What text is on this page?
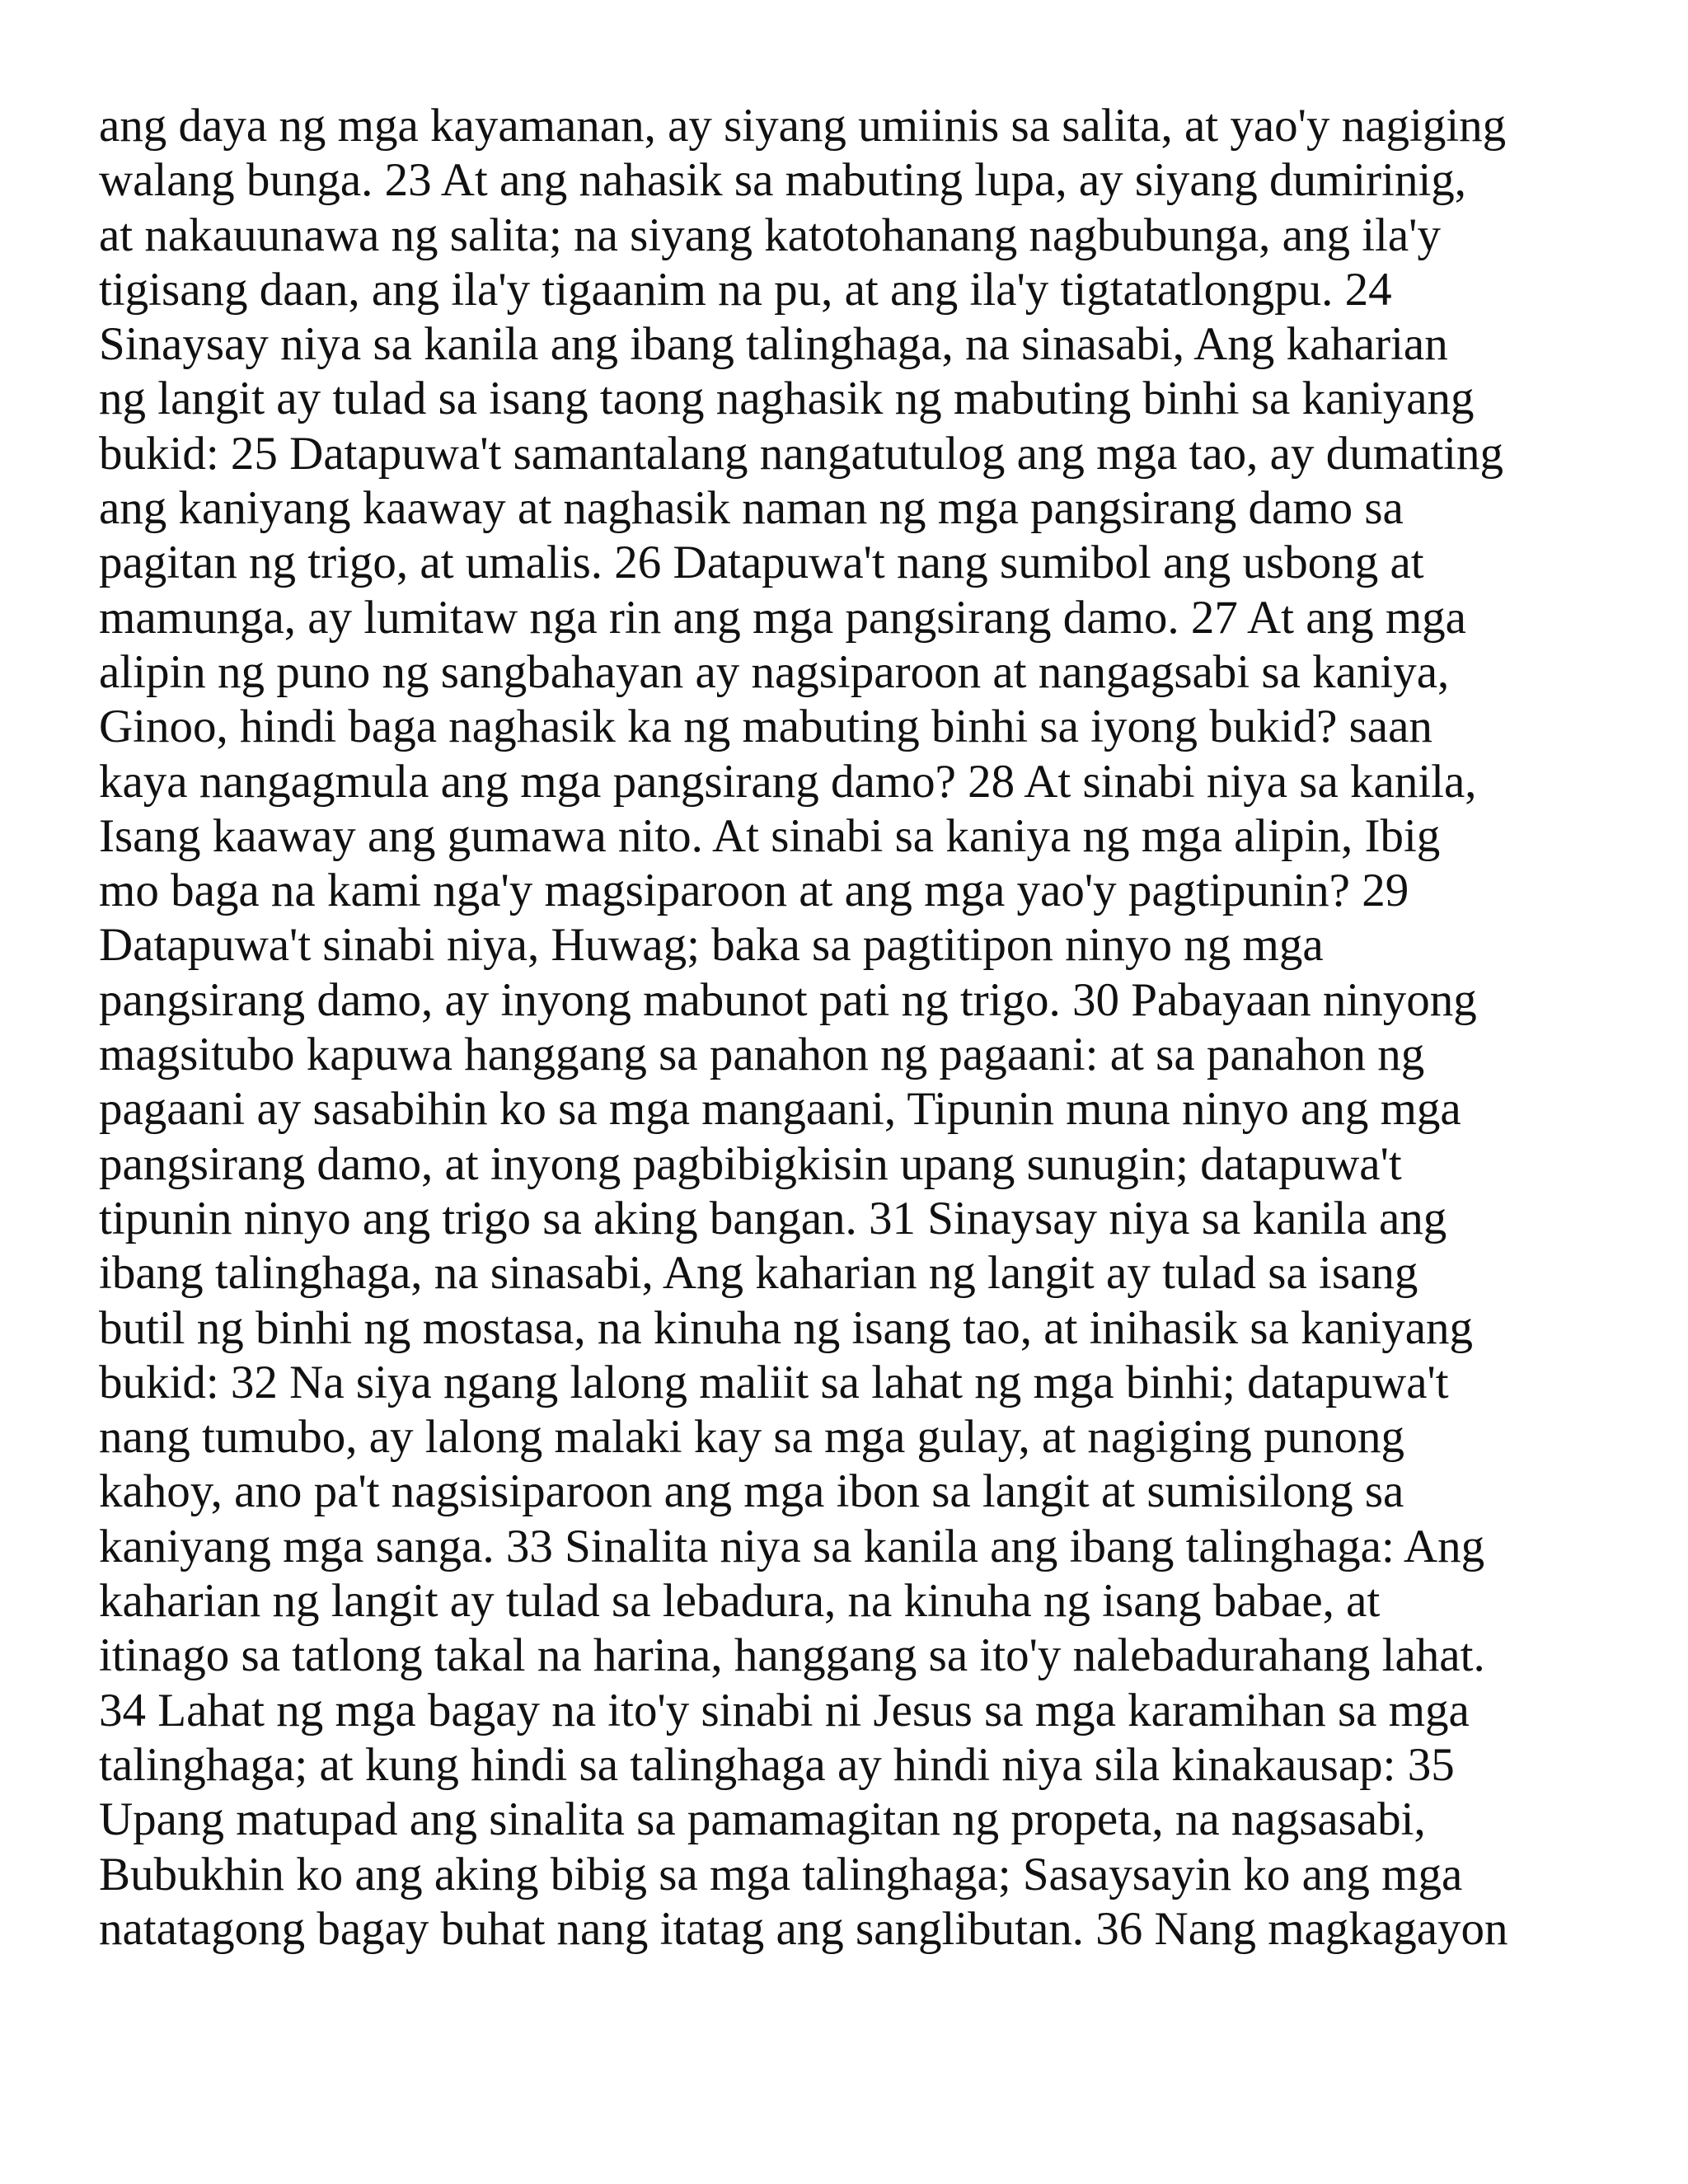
ang daya ng mga kayamanan, ay siyang umiinis sa salita, at yao'y nagiging
walang bunga. 23 At ang nahasik sa mabuting lupa, ay siyang dumirinig,
at nakauunawa ng salita; na siyang katotohanang nagbubunga, ang ila'y
tigisang daan, ang ila'y tigaanim na pu, at ang ila'y tigtatatlongpu. 24
Sinaysay niya sa kanila ang ibang talinghaga, na sinasabi, Ang kaharian
ng langit ay tulad sa isang taong naghasik ng mabuting binhi sa kaniyang
bukid: 25 Datapuwa't samantalang nangatutulog ang mga tao, ay dumating
ang kaniyang kaaway at naghasik naman ng mga pangsirang damo sa
pagitan ng trigo, at umalis. 26 Datapuwa't nang sumibol ang usbong at
mamunga, ay lumitaw nga rin ang mga pangsirang damo. 27 At ang mga
alipin ng puno ng sangbahayan ay nagsiparoon at nangagsabi sa kaniya,
Ginoo, hindi baga naghasik ka ng mabuting binhi sa iyong bukid? saan
kaya nangagmula ang mga pangsirang damo? 28 At sinabi niya sa kanila,
Isang kaaway ang gumawa nito. At sinabi sa kaniya ng mga alipin, Ibig
mo baga na kami nga'y magsiparoon at ang mga yao'y pagtipunin? 29
Datapuwa't sinabi niya, Huwag; baka sa pagtitipon ninyo ng mga
pangsirang damo, ay inyong mabunot pati ng trigo. 30 Pabayaan ninyong
magsitubo kapuwa hanggang sa panahon ng pagaani: at sa panahon ng
pagaani ay sasabihin ko sa mga mangaani, Tipunin muna ninyo ang mga
pangsirang damo, at inyong pagbibigkisin upang sunugin; datapuwa't
tipunin ninyo ang trigo sa aking bangan. 31 Sinaysay niya sa kanila ang
ibang talinghaga, na sinasabi, Ang kaharian ng langit ay tulad sa isang
butil ng binhi ng mostasa, na kinuha ng isang tao, at inihasik sa kaniyang
bukid: 32 Na siya ngang lalong maliit sa lahat ng mga binhi; datapuwa't
nang tumubo, ay lalong malaki kay sa mga gulay, at nagiging punong
kahoy, ano pa't nagsisiparoon ang mga ibon sa langit at sumisilong sa
kaniyang mga sanga. 33 Sinalita niya sa kanila ang ibang talinghaga: Ang
kaharian ng langit ay tulad sa lebadura, na kinuha ng isang babae, at
itinago sa tatlong takal na harina, hanggang sa ito'y nalebadurahang lahat.
34 Lahat ng mga bagay na ito'y sinabi ni Jesus sa mga karamihan sa mga
talinghaga; at kung hindi sa talinghaga ay hindi niya sila kinakausap: 35
Upang matupad ang sinalita sa pamamagitan ng propeta, na nagsasabi,
Bubukhin ko ang aking bibig sa mga talinghaga; Sasaysayin ko ang mga
natatagong bagay buhat nang itatag ang sanglibutan. 36 Nang magkagayon
